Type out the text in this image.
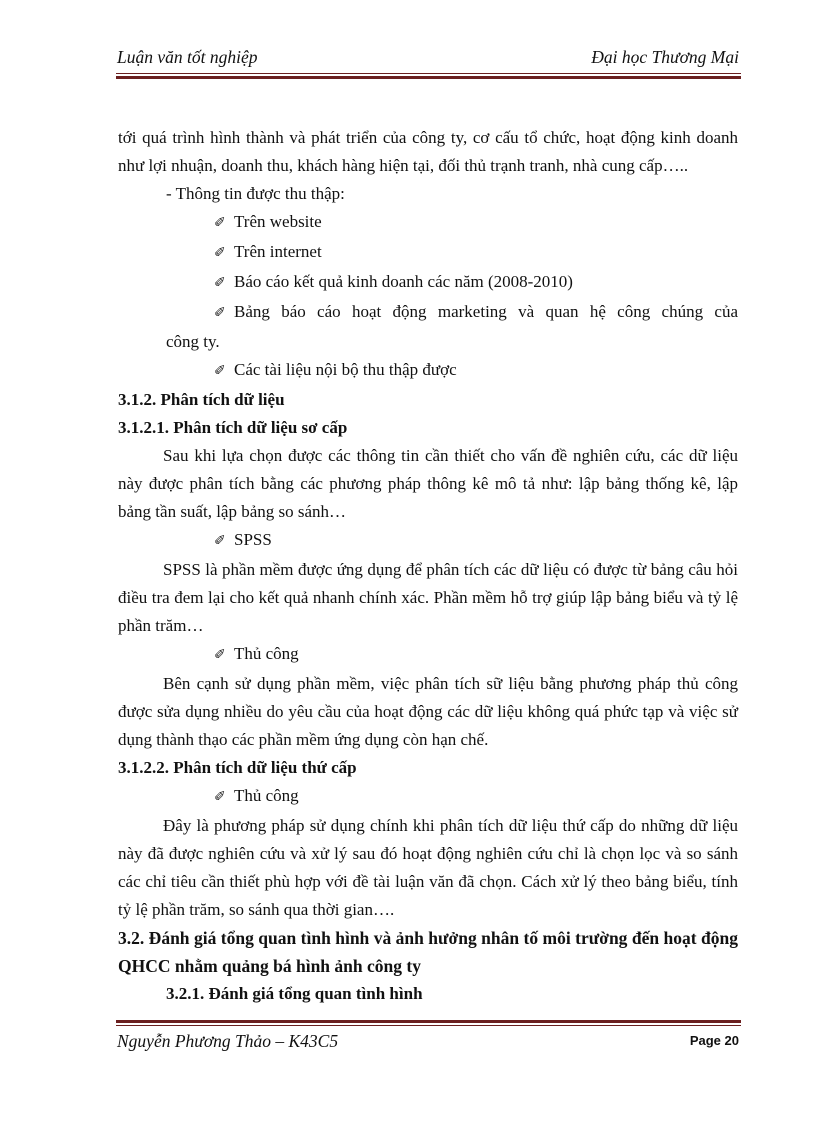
Luận văn tốt nghiệp	Đại học Thương Mại

tới quá trình hình thành và phát triển của công ty, cơ cấu tổ chức, hoạt động kinh doanh như lợi nhuận, doanh thu, khách hàng hiện tại, đối thủ trạnh tranh, nhà cung cấp…..

- Thông tin được thu thập:

✐ Trên website

✐ Trên internet

✐ Báo cáo kết quả kinh doanh các năm (2008-2010)

✐ Bảng báo cáo hoạt động marketing và quan hệ công chúng của

công ty.

✐ Các tài liệu nội bộ thu thập được

3.1.2. Phân tích dữ liệu

3.1.2.1. Phân tích dữ liệu sơ cấp

Sau khi lựa chọn được các thông tin cần thiết cho vấn đề nghiên cứu, các dữ liệu này được phân tích bằng các phương pháp thông kê mô tả như: lập bảng thống kê, lập bảng tần suất, lập bảng so sánh…

✐ SPSS

SPSS là phần mềm được ứng dụng để phân tích các dữ liệu có được từ bảng câu hỏi điều tra đem lại cho kết quả nhanh chính xác. Phần mềm hỗ trợ giúp lập bảng biểu và tỷ lệ phần trăm…

✐ Thủ công

Bên cạnh sử dụng phần mềm, việc phân tích sữ liệu bằng phương pháp thủ công được sửa dụng nhiều do yêu cầu của hoạt động các dữ liệu không quá phức tạp và việc sử dụng thành thạo các phần mềm ứng dụng còn hạn chế.

3.1.2.2. Phân tích dữ liệu thứ cấp

✐ Thủ công

Đây là phương pháp sử dụng chính khi phân tích dữ liệu thứ cấp do những dữ liệu này đã được nghiên cứu và xử lý sau đó hoạt động nghiên cứu chỉ là chọn lọc và so sánh các chỉ tiêu cần thiết phù hợp với đề tài luận văn đã chọn. Cách xử lý theo bảng biểu, tính tỷ lệ phần trăm, so sánh qua thời gian….

3.2. Đánh giá tổng quan tình hình và ảnh hưởng nhân tố môi trường đến hoạt động QHCC nhằm quảng bá hình ảnh công ty

3.2.1. Đánh giá tổng quan tình hình

Nguyễn Phương Thảo – K43C5	Page 20
